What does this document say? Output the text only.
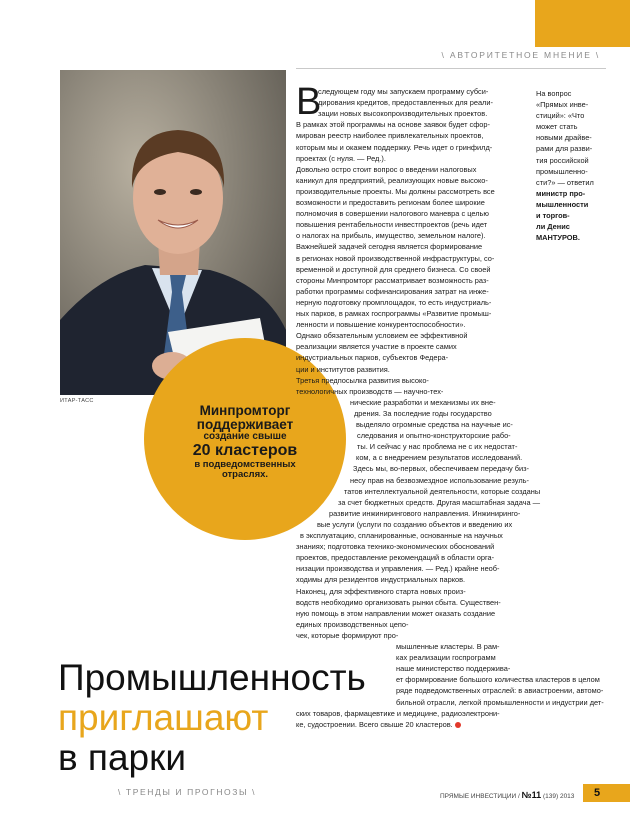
\ АВТОРИТЕТНОЕ МНЕНИЕ \
ИТАР-ТАСС
Минпромторг
поддерживает
создание свыше
20 кластеров
в подведомственных
отраслях.
В
следующем году мы запускаем программу субси-
дирования кредитов, предоставленных для реали-
зации новых высокопроизводительных проектов.
В рамках этой программы на основе заявок будет сфор-
мирован реестр наиболее привлекательных проектов,
которым мы и окажем поддержку. Речь идет о гринфилд-
проектах (с нуля. — Ред.).
Довольно остро стоит вопрос о введении налоговых
каникул для предприятий, реализующих новые высоко-
производительные проекты. Мы должны рассмотреть все
возможности и предоставить регионам более широкие
полномочия в совершении налогового маневра с целью
повышения рентабельности инвестпроектов (речь идет
о налогах на прибыль, имущество, земельном налоге).
Важнейшей задачей сегодня является формирование
в регионах новой производственной инфраструктуры, со-
временной и доступной для среднего бизнеса. Со своей
стороны Минпромторг рассматривает возможность раз-
работки программы софинансирования затрат на инже-
нерную подготовку промплощадок, то есть индустриаль-
ных парков, в рамках госпрограммы «Развитие промыш-
ленности и повышение конкурентоспособности».
Однако обязательным условием ее эффективной
реализации является участие в проекте самих
индустриальных парков, субъектов Федера-
ции и институтов развития.
Третья предпосылка развития высоко-
технологичных производств — научно-тех-
нические разработки и механизмы их вне-
дрения. За последние годы государство
выделяло огромные средства на научные ис-
следования и опытно-конструкторские рабо-
ты. И сейчас у нас проблема не с их недостат-
ком, а с внедрением результатов исследований.
Здесь мы, во-первых, обеспечиваем передачу биз-
несу прав на безвозмездное использование резуль-
татов интеллектуальной деятельности, которые созданы
за счет бюджетных средств. Другая масштабная задача —
развитие инжинирингового направления. Инжиниринго-
вые услуги (услуги по созданию объектов и введению их
в эксплуатацию, спланированные, основанные на научных
знаниях; подготовка технико-экономических обоснований
проектов, предоставление рекомендаций в области орга-
низации производства и управления. — Ред.) крайне необ-
ходимы для резидентов индустриальных парков.
Наконец, для эффективного старта новых произ-
водств необходимо организовать рынки сбыта. Существен-
ную помощь в этом направлении может оказать создание
единых производственных цепо-
чек, которые формируют про-
мышленные кластеры. В рам-
ках реализации госпрограмм
наше министерство поддержива-
ет формирование большого количества кластеров в целом
ряде подведомственных отраслей: в авиастроении, автомо-
бильной отрасли, легкой промышленности и индустрии дет-
ских товаров, фармацевтике и медицине, радиоэлектрони-
ке, судостроении. Всего свыше 20 кластеров.
На вопрос
«Прямых инве-
стиций»: «Что
может стать
новыми драйве-
рами для разви-
тия российской
промышленно-
сти?» — ответил
министр про-
мышленности
и торгов-
ли Денис
МАНТУРОВ.
Промышленность
приглашают
в парки
\ ТРЕНДЫ И ПРОГНОЗЫ \	ПРЯМЫЕ ИНВЕСТИЦИИ / №11 (139) 2013 5
